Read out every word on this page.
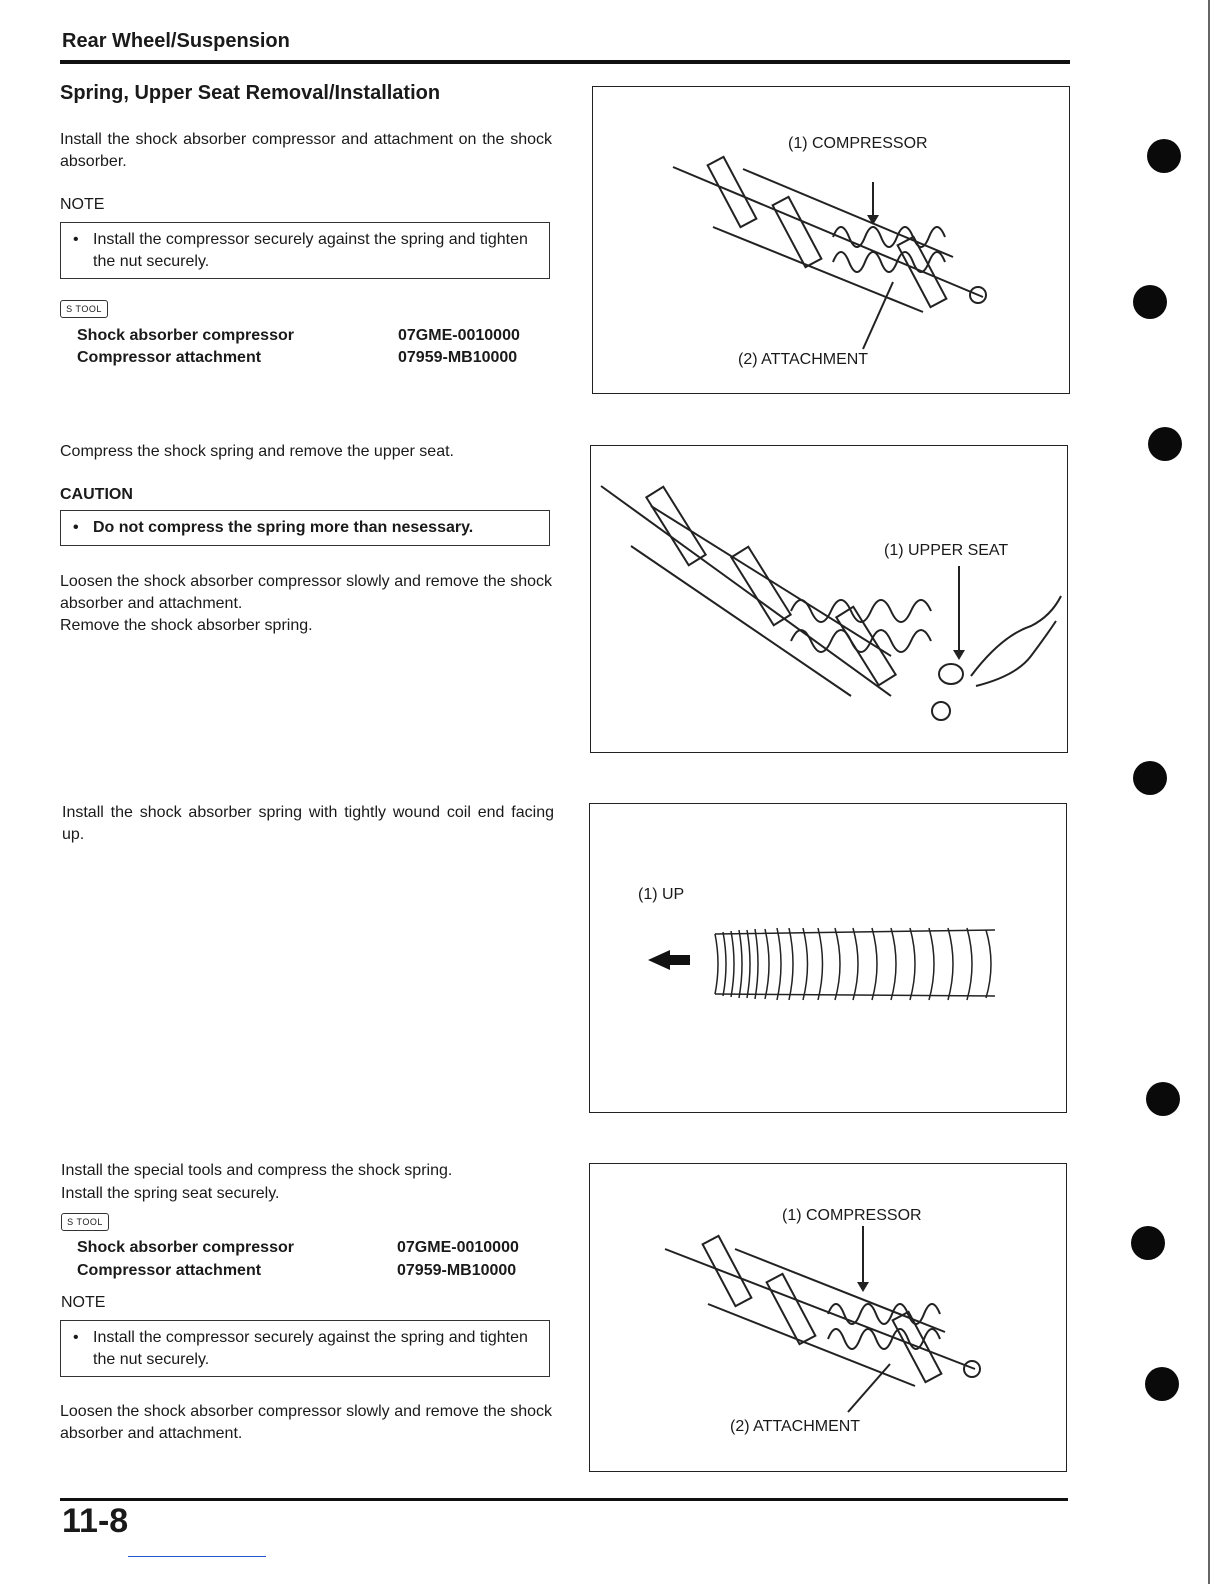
Rear Wheel/Suspension
Spring, Upper Seat Removal/Installation
Install the shock absorber compressor and attachment on the shock absorber.
NOTE
• Install the compressor securely against the spring and tighten the nut securely.
S TOOL
Shock absorber compressor	07GME-0010000
Compressor attachment	07959-MB10000
(1) COMPRESSOR
(2) ATTACHMENT
Compress the shock spring and remove the upper seat.
CAUTION
• Do not compress the spring more than nesessary.
Loosen the shock absorber compressor slowly and remove the shock absorber and attachment.
Remove the shock absorber spring.
(1) UPPER SEAT
Install the shock absorber spring with tightly wound coil end facing up.
(1) UP
Install the special tools and compress the shock spring.
Install the spring seat securely.
S TOOL
Shock absorber compressor	07GME-0010000
Compressor attachment	07959-MB10000
NOTE
• Install the compressor securely against the spring and tighten the nut securely.
Loosen the shock absorber compressor slowly and remove the shock absorber and attachment.
(1) COMPRESSOR
(2) ATTACHMENT
11-8
